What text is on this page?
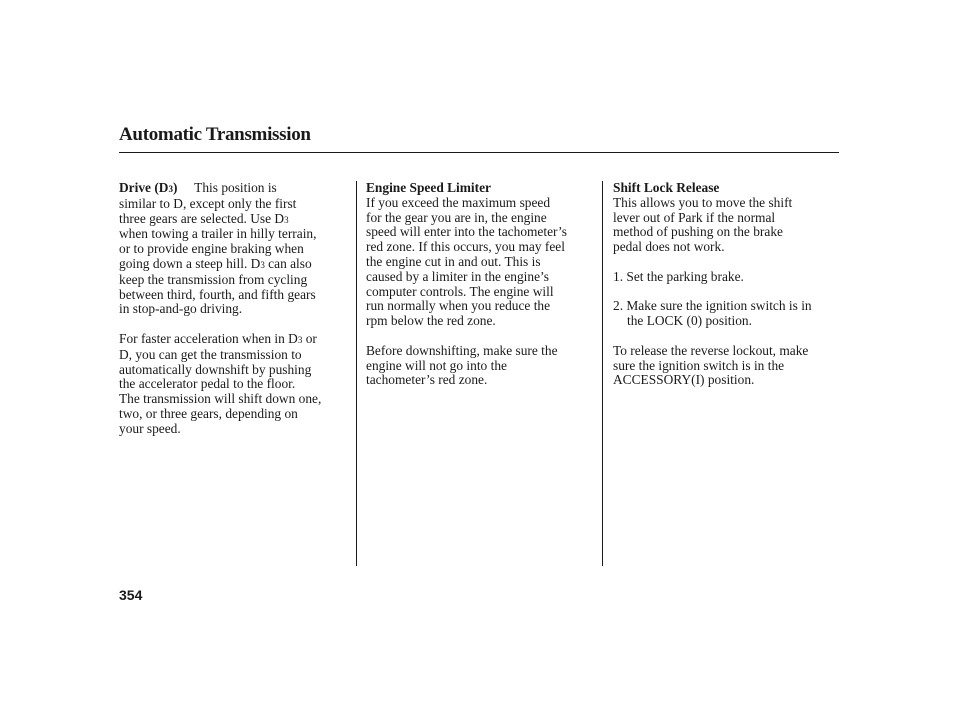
Automatic Transmission
Drive (D3) This position is
similar to D, except only the first
three gears are selected. Use D3
when towing a trailer in hilly terrain,
or to provide engine braking when
going down a steep hill. D3 can also
keep the transmission from cycling
between third, fourth, and fifth gears
in stop-and-go driving.
For faster acceleration when in D3 or
D, you can get the transmission to
automatically downshift by pushing
the accelerator pedal to the floor.
The transmission will shift down one,
two, or three gears, depending on
your speed.
Engine Speed Limiter
If you exceed the maximum speed
for the gear you are in, the engine
speed will enter into the tachometer’s
red zone. If this occurs, you may feel
the engine cut in and out. This is
caused by a limiter in the engine’s
computer controls. The engine will
run normally when you reduce the
rpm below the red zone.
Before downshifting, make sure the
engine will not go into the
tachometer’s red zone.
Shift Lock Release
This allows you to move the shift
lever out of Park if the normal
method of pushing on the brake
pedal does not work.
1. Set the parking brake.
2. Make sure the ignition switch is in
the LOCK (0) position.
To release the reverse lockout, make
sure the ignition switch is in the
ACCESSORY(I) position.
354
